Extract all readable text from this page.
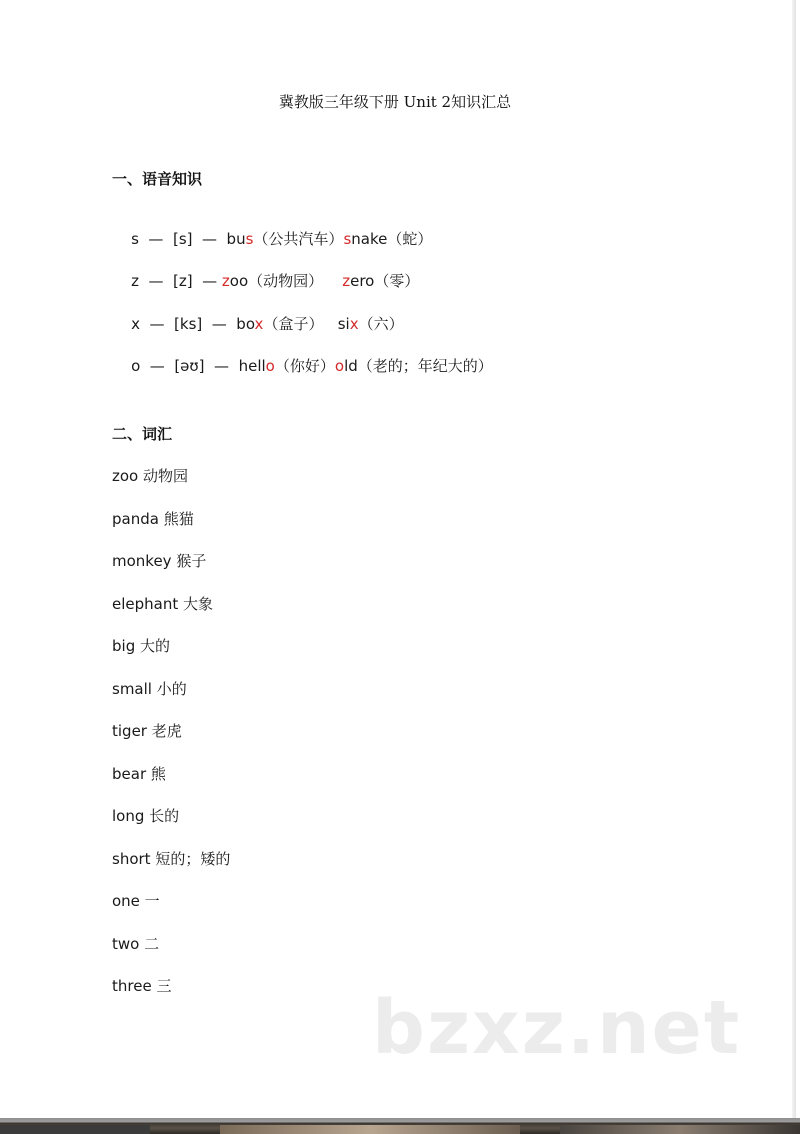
冀教版三年级下册 Unit 2知识汇总
一、语音知识

s  —  [s]  —  bus（公共汽车）snake（蛇）

z  —  [z]  — zoo（动物园）    zero（零）

x  —  [ks]  —  box（盒子）   six（六）

o  —  [əʊ]  —  hello（你好）old（老的；年纪大的）

二、词汇
zoo 动物园
panda 熊猫
monkey 猴子
elephant 大象
big 大的
small 小的
tiger 老虎
bear 熊
long 长的
short 短的；矮的
one 一
two 二
three 三	bzxz.net
